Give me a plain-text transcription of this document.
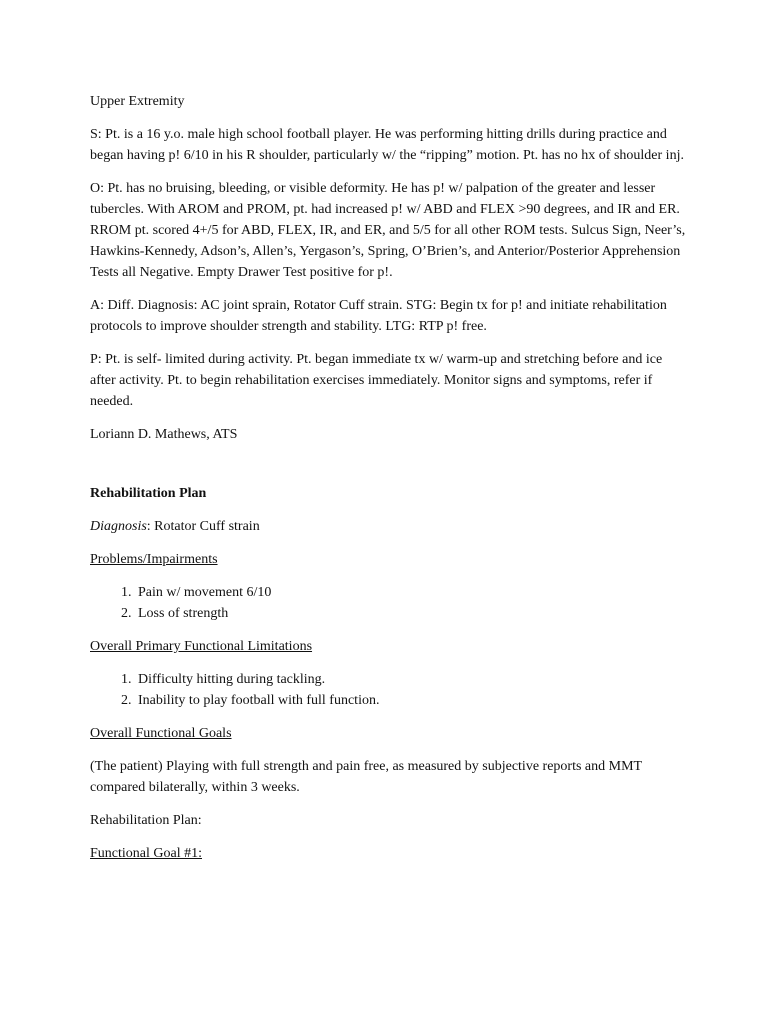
Upper Extremity

S: Pt. is a 16 y.o. male high school football player. He was performing hitting drills during practice and began having p! 6/10 in his R shoulder, particularly w/ the “ripping” motion. Pt. has no hx of shoulder inj.

O: Pt. has no bruising, bleeding, or visible deformity. He has p! w/ palpation of the greater and lesser tubercles. With AROM and PROM, pt. had increased p! w/ ABD and FLEX >90 degrees, and IR and ER. RROM pt. scored 4+/5 for ABD, FLEX, IR, and ER, and 5/5 for all other ROM tests. Sulcus Sign, Neer’s, Hawkins-Kennedy, Adson’s, Allen’s, Yergason’s, Spring, O’Brien’s, and Anterior/Posterior Apprehension Tests all Negative. Empty Drawer Test positive for p!.

A: Diff. Diagnosis: AC joint sprain, Rotator Cuff strain. STG: Begin tx for p! and initiate rehabilitation protocols to improve shoulder strength and stability. LTG: RTP p! free.

P: Pt. is self- limited during activity. Pt. began immediate tx w/ warm-up and stretching before and ice after activity. Pt. to begin rehabilitation exercises immediately. Monitor signs and symptoms, refer if needed.

Loriann D. Mathews, ATS

Rehabilitation Plan

Diagnosis: Rotator Cuff strain

Problems/Impairments

1. Pain w/ movement 6/10
2. Loss of strength

Overall Primary Functional Limitations

1. Difficulty hitting during tackling.
2. Inability to play football with full function.

Overall Functional Goals

(The patient) Playing with full strength and pain free, as measured by subjective reports and MMT compared bilaterally, within 3 weeks.

Rehabilitation Plan:

Functional Goal #1:
